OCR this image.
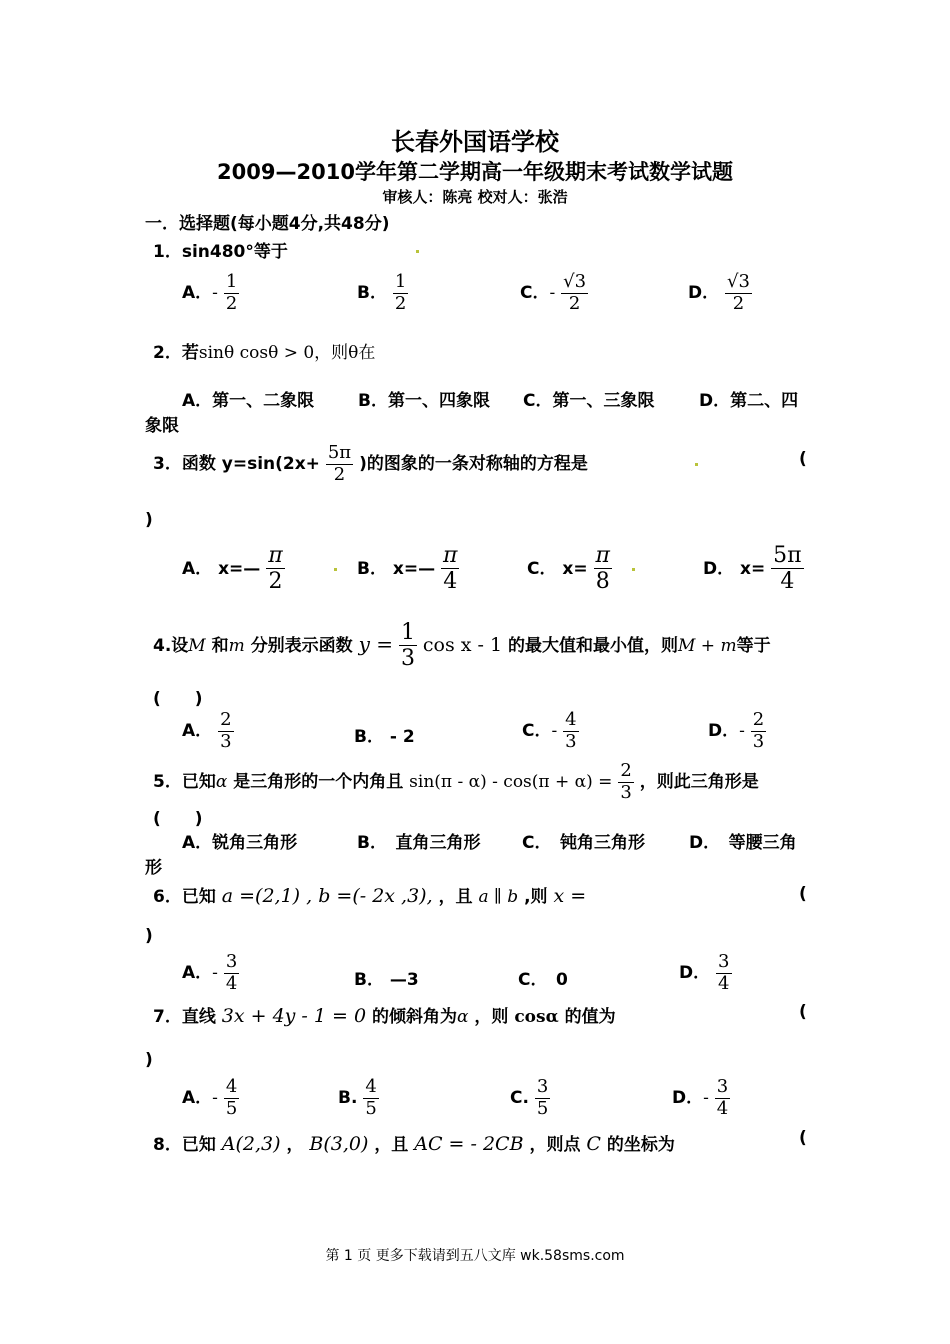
长春外国语学校
2009—2010学年第二学期高一年级期末考试数学试题
审核人：陈亮 校对人：张浩
一．选择题(每小题4分,共48分)
1．sin480°等于
A．- $\frac{1}{2}$	B． $\frac{1}{2}$	C．- $\frac{√3}{2}$	D． $\frac{√3}{2}$
2．若sinθ cosθ > 0，则θ在
A．第一、二象限	B．第一、四象限 C．第一、三象限	D．第二、四
象限
3．函数 $y=\sin(2x+ \frac{5\pi}{2}$ )的图象的一条对称轴的方程是	(
)
A． x=— $\frac{\pi}{2}$	B． x=— $\frac{\pi}{4}$	C． $x= \frac{\pi}{8}$	D． $x= \frac{5\pi}{4}$
4.设M 和m 分别表示函数 $y = \frac{1}{3}$ cos x - 1 的最大值和最小值，则M + m等于
(　　)
A． $\frac{2}{3}$	B． - 2	C．- $\frac{4}{3}$	D．- $\frac{2}{3}$
5．已知α 是三角形的一个内角且 $\sin(\pi - \alpha) - \cos(\pi + \alpha) = \frac{2}{3}$ ，则此三角形是
(　　)
A．锐角三角形	B．　直角三角形 C．　钝角三角形	D．　等腰三角
形
6．已知 a =(2,1) , b =(- 2x ,3), ，且 a ∥ b ,则 x =	(
)
A．- $\frac{3}{4}$	B． —3	C．　0	D． $\frac{3}{4}$
7．直线 3x + 4y - 1 = 0 的倾斜角为α ，则 cosα 的值为	(
)
A．- $\frac{4}{5}$	B. $\frac{4}{5}$	C. $\frac{3}{5}$	D．- $\frac{3}{4}$
8．已知 A(2,3) ， B(3,0) ，且 AC = - 2CB ，则点 C 的坐标为	(
第 1 页 更多下载请到五八文库 wk.58sms.com
